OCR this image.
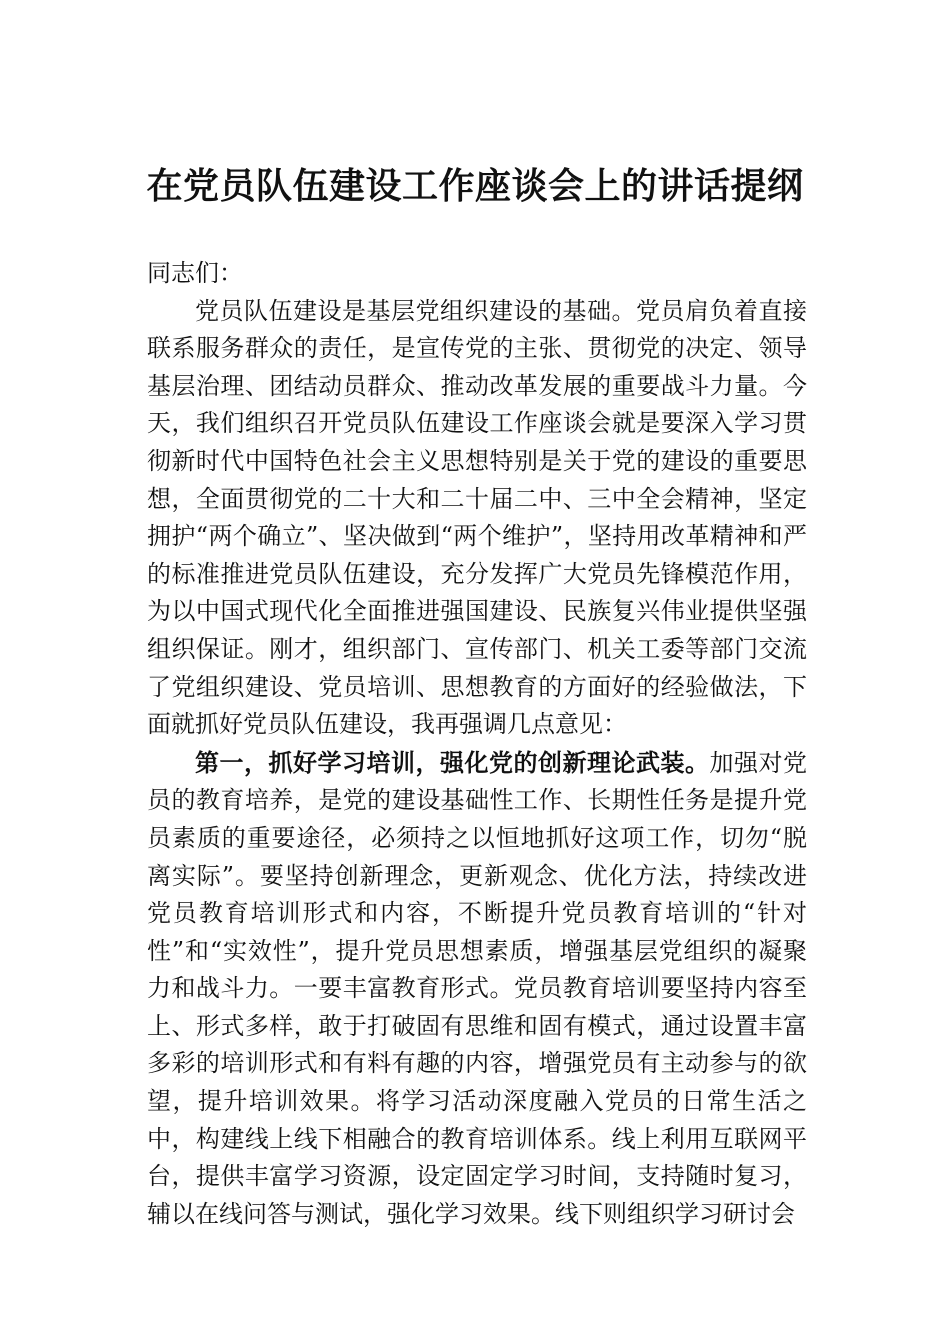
在党员队伍建设工作座谈会上的讲话提纲

同志们：

党员队伍建设是基层党组织建设的基础。党员肩负着直接联系服务群众的责任，是宣传党的主张、贯彻党的决定、领导基层治理、团结动员群众、推动改革发展的重要战斗力量。今天，我们组织召开党员队伍建设工作座谈会就是要深入学习贯彻新时代中国特色社会主义思想特别是关于党的建设的重要思想，全面贯彻党的二十大和二十届二中、三中全会精神，坚定拥护“两个确立”、坚决做到“两个维护”，坚持用改革精神和严的标准推进党员队伍建设，充分发挥广大党员先锋模范作用，为以中国式现代化全面推进强国建设、民族复兴伟业提供坚强组织保证。刚才，组织部门、宣传部门、机关工委等部门交流了党组织建设、党员培训、思想教育的方面好的经验做法，下面就抓好党员队伍建设，我再强调几点意见：

第一，抓好学习培训，强化党的创新理论武装。加强对党员的教育培养，是党的建设基础性工作、长期性任务是提升党员素质的重要途径，必须持之以恒地抓好这项工作，切勿“脱离实际”。要坚持创新理念，更新观念、优化方法，持续改进党员教育培训形式和内容，不断提升党员教育培训的“针对性”和“实效性”，提升党员思想素质，增强基层党组织的凝聚力和战斗力。一要丰富教育形式。党员教育培训要坚持内容至上、形式多样，敢于打破固有思维和固有模式，通过设置丰富多彩的培训形式和有料有趣的内容，增强党员有主动参与的欲望，提升培训效果。将学习活动深度融入党员的日常生活之中，构建线上线下相融合的教育培训体系。线上利用互联网平台，提供丰富学习资源，设定固定学习时间，支持随时复习，辅以在线问答与测试，强化学习效果。线下则组织学习研讨会
